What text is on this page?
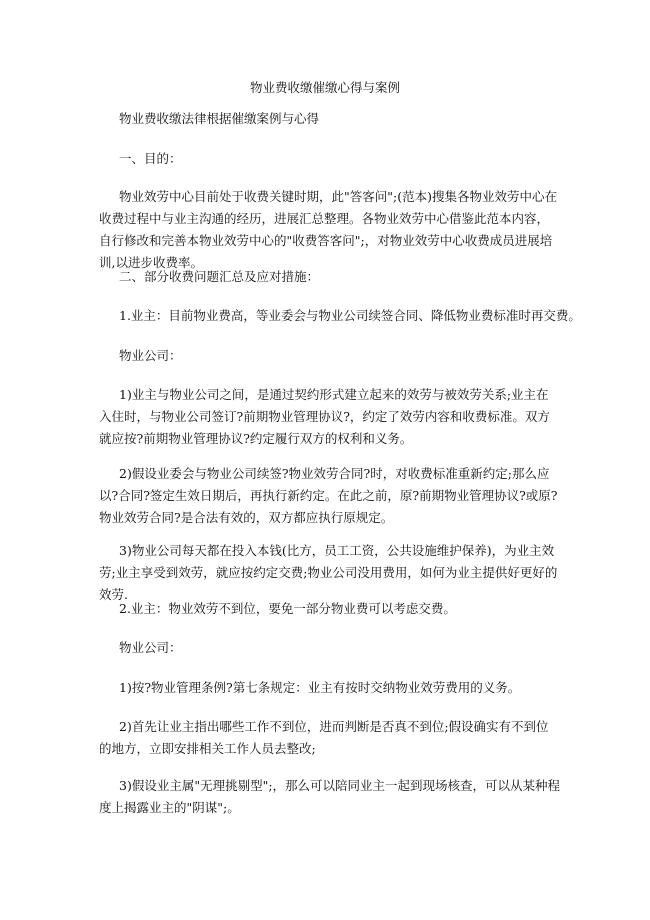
物业费收缴催缴心得与案例
物业费收缴法律根据催缴案例与心得
一、目的：
物业效劳中心目前处于收费关键时期，此"答客问";(范本)搜集各物业效劳中心在收费过程中与业主沟通的经历，进展汇总整理。各物业效劳中心借鉴此范本内容，自行修改和完善本物业效劳中心的"收费答客问";，对物业效劳中心收费成员进展培训,以进步收费率。
二、部分收费问题汇总及应对措施：
1.业主：目前物业费高，等业委会与物业公司续签合同、降低物业费标准时再交费。
物业公司：
1)业主与物业公司之间，是通过契约形式建立起来的效劳与被效劳关系;业主在入住时，与物业公司签订?前期物业管理协议?，约定了效劳内容和收费标准。双方就应按?前期物业管理协议?约定履行双方的权利和义务。
2)假设业委会与物业公司续签?物业效劳合同?时，对收费标准重新约定;那么应以?合同?签定生效日期后，再执行新约定。在此之前，原?前期物业管理协议?或原?物业效劳合同?是合法有效的，双方都应执行原规定。
3)物业公司每天都在投入本钱(比方，员工工资，公共设施维护保养)，为业主效劳;业主享受到效劳，就应按约定交费;物业公司没用费用，如何为业主提供好更好的效劳.
2.业主：物业效劳不到位，要免一部分物业费可以考虑交费。
物业公司：
1)按?物业管理条例?第七条规定：业主有按时交纳物业效劳费用的义务。
2)首先让业主指出哪些工作不到位，进而判断是否真不到位;假设确实有不到位的地方，立即安排相关工作人员去整改;
3)假设业主属"无理挑剔型";，那么可以陪同业主一起到现场核查，可以从某种程度上揭露业主的"阴谋";。
